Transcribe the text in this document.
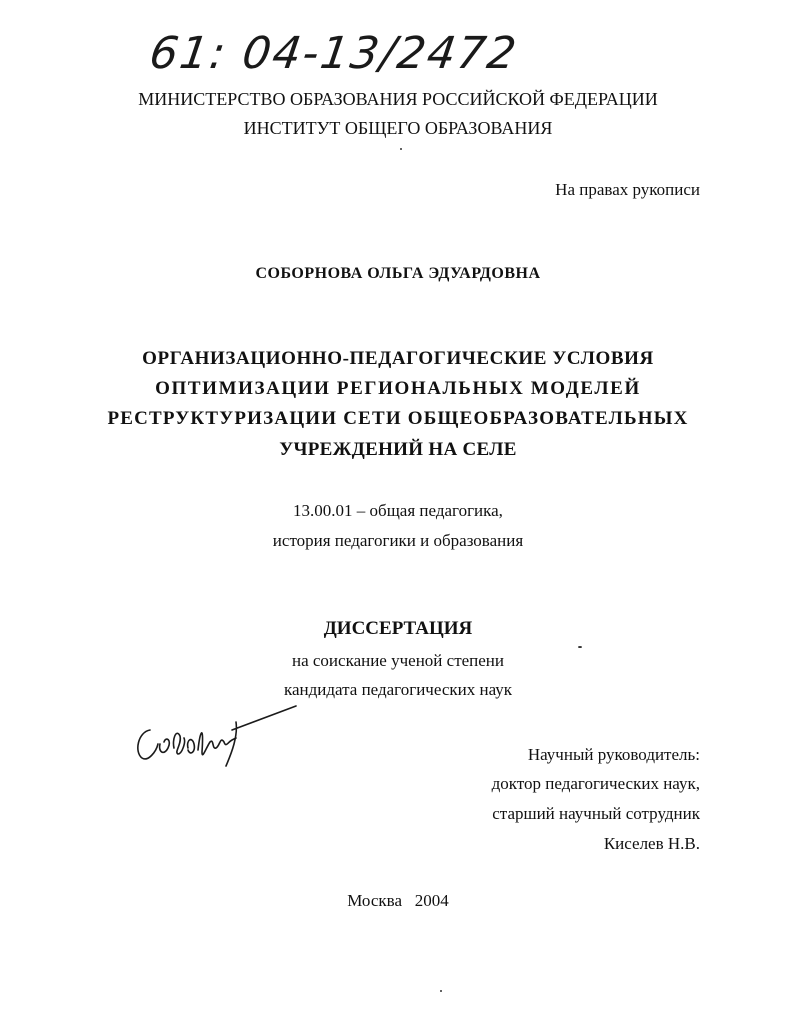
61: 04-13/2472
МИНИСТЕРСТВО ОБРАЗОВАНИЯ РОССИЙСКОЙ ФЕДЕРАЦИИ
ИНСТИТУТ ОБЩЕГО ОБРАЗОВАНИЯ
На правах рукописи
СОБОРНОВА ОЛЬГА ЭДУАРДОВНА
ОРГАНИЗАЦИОННО-ПЕДАГОГИЧЕСКИЕ УСЛОВИЯ
ОПТИМИЗАЦИИ РЕГИОНАЛЬНЫХ МОДЕЛЕЙ
РЕСТРУКТУРИЗАЦИИ СЕТИ ОБЩЕОБРАЗОВАТЕЛЬНЫХ
УЧРЕЖДЕНИЙ НА СЕЛЕ
13.00.01 – общая педагогика,
история педагогики и образования
ДИССЕРТАЦИЯ
на соискание ученой степени
кандидата педагогических наук
Научный руководитель:
доктор педагогических наук,
старший научный сотрудник
Киселев Н.В.
Москва   2004
